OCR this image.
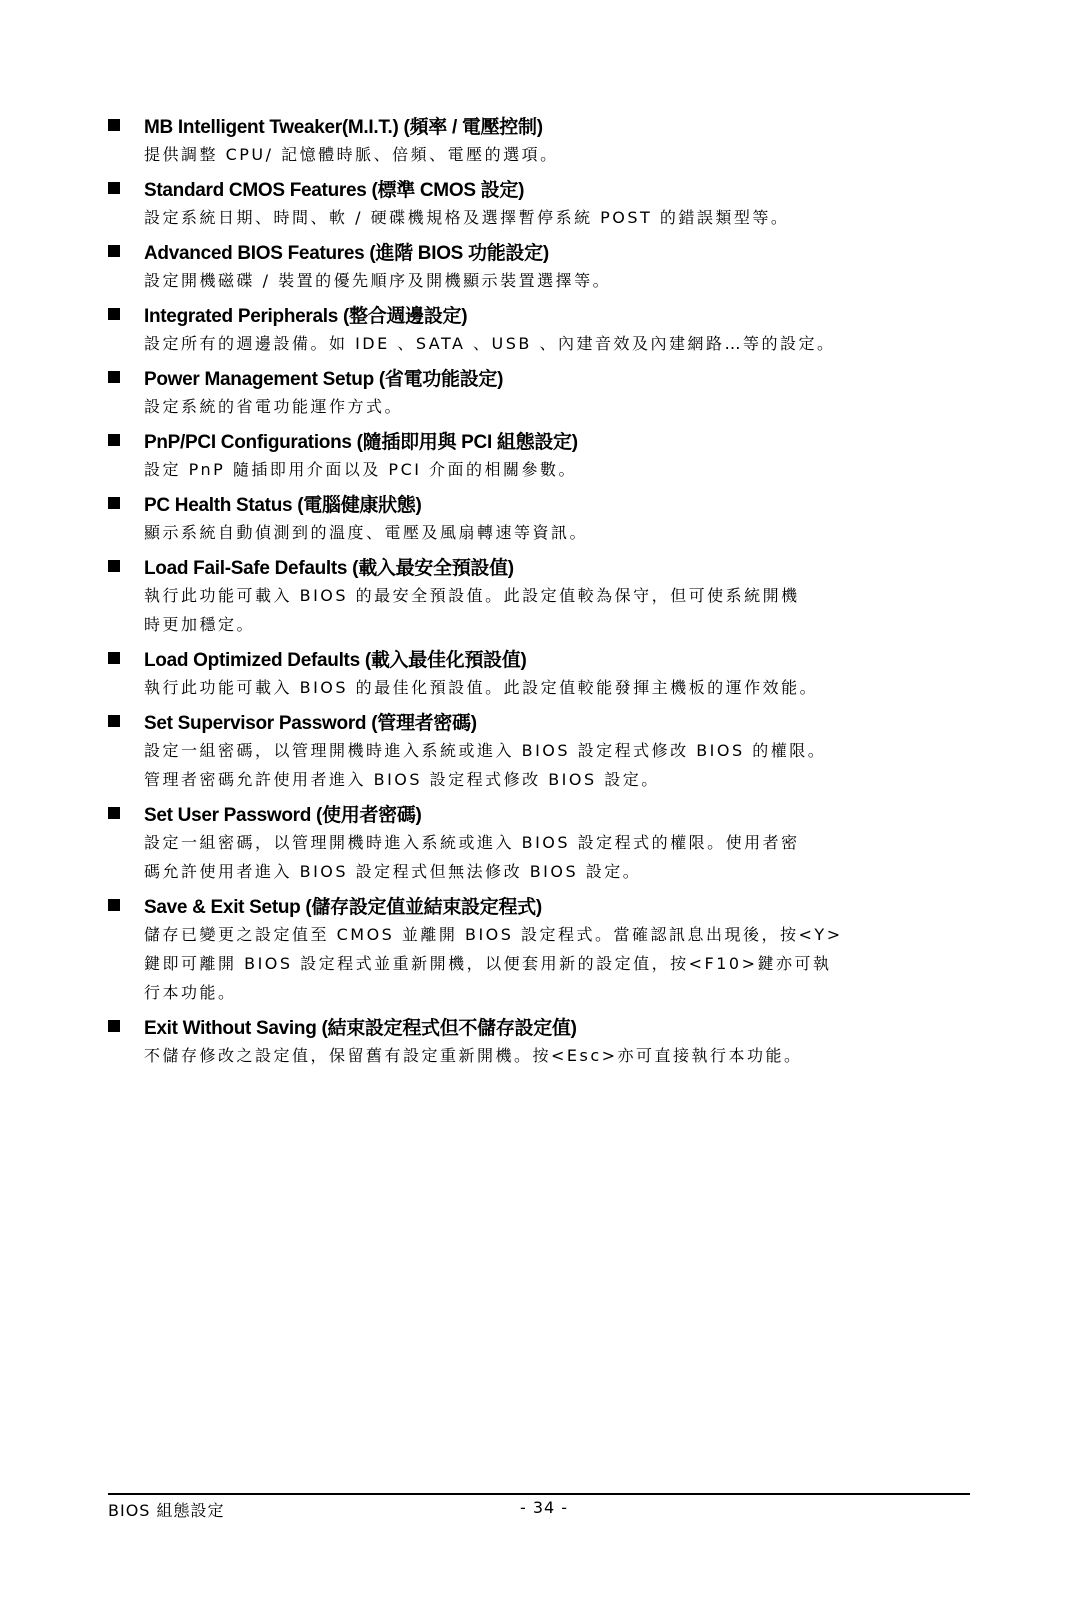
MB Intelligent Tweaker(M.I.T.) (頻率 / 電壓控制)
提供調整 CPU/ 記憶體時脈、倍頻、電壓的選項。
Standard CMOS Features (標準 CMOS 設定)
設定系統日期、時間、軟 / 硬碟機規格及選擇暫停系統 POST 的錯誤類型等。
Advanced BIOS Features (進階 BIOS 功能設定)
設定開機磁碟 / 裝置的優先順序及開機顯示裝置選擇等。
Integrated Peripherals (整合週邊設定)
設定所有的週邊設備。如 IDE 、SATA 、USB 、內建音效及內建網路…等的設定。
Power Management Setup (省電功能設定)
設定系統的省電功能運作方式。
PnP/PCI Configurations (隨插即用與 PCI 組態設定)
設定 PnP 隨插即用介面以及 PCI 介面的相關參數。
PC Health Status (電腦健康狀態)
顯示系統自動偵測到的溫度、電壓及風扇轉速等資訊。
Load Fail-Safe Defaults (載入最安全預設值)
執行此功能可載入 BIOS 的最安全預設值。此設定值較為保守，但可使系統開機
時更加穩定。
Load Optimized Defaults (載入最佳化預設值)
執行此功能可載入 BIOS 的最佳化預設值。此設定值較能發揮主機板的運作效能。
Set Supervisor Password (管理者密碼)
設定一組密碼，以管理開機時進入系統或進入 BIOS 設定程式修改 BIOS 的權限。
管理者密碼允許使用者進入 BIOS 設定程式修改 BIOS 設定。
Set User Password (使用者密碼)
設定一組密碼，以管理開機時進入系統或進入 BIOS 設定程式的權限。使用者密
碼允許使用者進入 BIOS 設定程式但無法修改 BIOS 設定。
Save & Exit Setup (儲存設定值並結束設定程式)
儲存已變更之設定值至 CMOS 並離開 BIOS 設定程式。當確認訊息出現後，按<Y>
鍵即可離開 BIOS 設定程式並重新開機，以便套用新的設定值，按<F10>鍵亦可執
行本功能。
Exit Without Saving (結束設定程式但不儲存設定值)
不儲存修改之設定值，保留舊有設定重新開機。按<Esc>亦可直接執行本功能。
BIOS 組態設定	- 34 -
